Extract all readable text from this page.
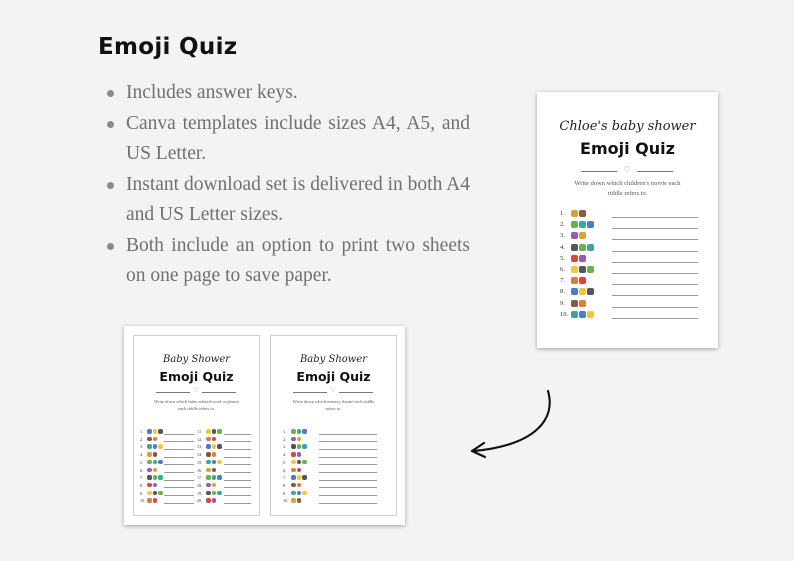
Emoji Quiz
Includes answer keys.
Canva templates include sizes A4, A5, and US Letter.
Instant download set is delivered in both A4 and US Letter sizes.
Both include an option to print two sheets on one page to save paper.
Chloe's baby shower
Emoji Quiz
♡
Write down which children's movie each riddle refers to.
1.
2.
3.
4.
5.
6.
7.
8.
9.
10.
Baby Shower
Emoji Quiz
♡
Write down which baby-related word or phrase each riddle refers to.
1.
2.
3.
4.
5.
6.
7.
8.
9.
10.
11.
12.
13.
14.
15.
16.
17.
18.
19.
20.
Baby Shower
Emoji Quiz
♡
Write down which nursery rhyme each riddle refers to.
1.
2.
3.
4.
5.
6.
7.
8.
9.
10.
